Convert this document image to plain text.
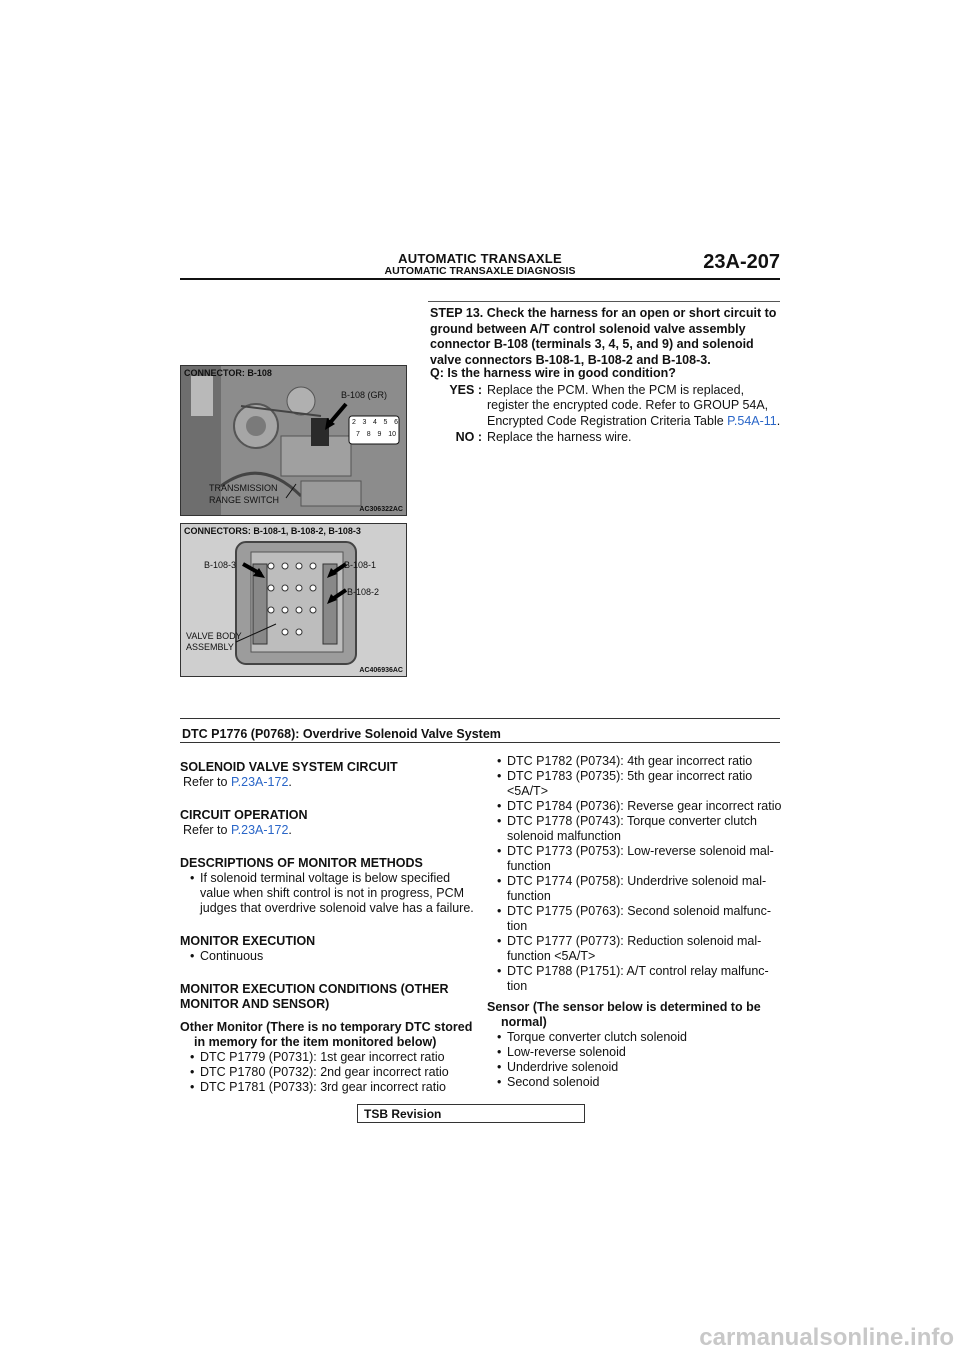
AUTOMATIC TRANSAXLE
AUTOMATIC TRANSAXLE DIAGNOSIS	23A-207
STEP 13. Check the harness for an open or short circuit to ground between A/T control solenoid valve assembly connector B-108 (terminals 3, 4, 5, and 9) and solenoid valve connectors B-108-1, B-108-2 and B-108-3.
Q: Is the harness wire in good condition?
YES : Replace the PCM. When the PCM is replaced, register the encrypted code. Refer to GROUP 54A, Encrypted Code Registration Criteria Table P.54A-11.
NO : Replace the harness wire.
CONNECTOR: B-108
B-108 (GR)
2 3 4 5 6
7 8 9 10
TRANSMISSION
RANGE SWITCH
AC306322AC
CONNECTORS: B-108-1, B-108-2, B-108-3
B-108-3	B-108-1
B-108-2
VALVE BODY
ASSEMBLY
AC406936AC
DTC P1776 (P0768): Overdrive Solenoid Valve System
SOLENOID VALVE SYSTEM CIRCUIT
Refer to P.23A-172.
CIRCUIT OPERATION
Refer to P.23A-172.
DESCRIPTIONS OF MONITOR METHODS
• If solenoid terminal voltage is below specified value when shift control is not in progress, PCM judges that overdrive solenoid valve has a failure.
MONITOR EXECUTION
• Continuous
MONITOR EXECUTION CONDITIONS (OTHER MONITOR AND SENSOR)
Other Monitor (There is no temporary DTC stored in memory for the item monitored below)
• DTC P1779 (P0731): 1st gear incorrect ratio
• DTC P1780 (P0732): 2nd gear incorrect ratio
• DTC P1781 (P0733): 3rd gear incorrect ratio
• DTC P1782 (P0734): 4th gear incorrect ratio
• DTC P1783 (P0735): 5th gear incorrect ratio <5A/T>
• DTC P1784 (P0736): Reverse gear incorrect ratio
• DTC P1778 (P0743): Torque converter clutch solenoid malfunction
• DTC P1773 (P0753): Low-reverse solenoid mal-function
• DTC P1774 (P0758): Underdrive solenoid mal-function
• DTC P1775 (P0763): Second solenoid malfunc-tion
• DTC P1777 (P0773): Reduction solenoid mal-function <5A/T>
• DTC P1788 (P1751): A/T control relay malfunc-tion
Sensor (The sensor below is determined to be normal)
• Torque converter clutch solenoid
• Low-reverse solenoid
• Underdrive solenoid
• Second solenoid
TSB Revision
carmanualsonline.info
